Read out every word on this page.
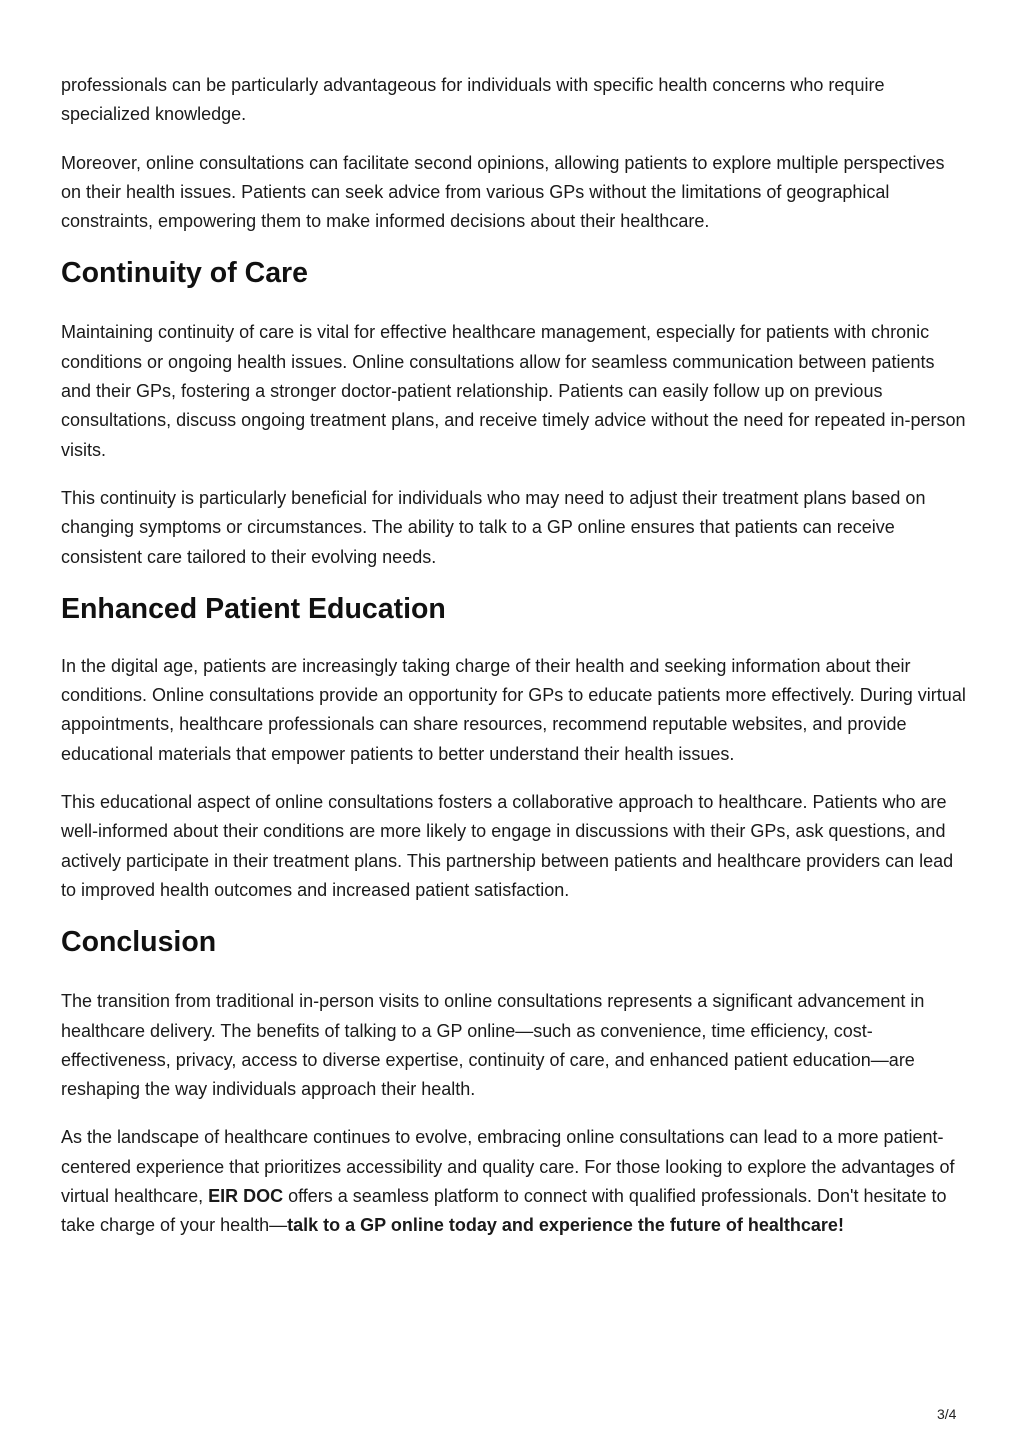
professionals can be particularly advantageous for individuals with specific health concerns who require specialized knowledge.

Moreover, online consultations can facilitate second opinions, allowing patients to explore multiple perspectives on their health issues. Patients can seek advice from various GPs without the limitations of geographical constraints, empowering them to make informed decisions about their healthcare.

Continuity of Care

Maintaining continuity of care is vital for effective healthcare management, especially for patients with chronic conditions or ongoing health issues. Online consultations allow for seamless communication between patients and their GPs, fostering a stronger doctor-patient relationship. Patients can easily follow up on previous consultations, discuss ongoing treatment plans, and receive timely advice without the need for repeated in-person visits.

This continuity is particularly beneficial for individuals who may need to adjust their treatment plans based on changing symptoms or circumstances. The ability to talk to a GP online ensures that patients can receive consistent care tailored to their evolving needs.

Enhanced Patient Education

In the digital age, patients are increasingly taking charge of their health and seeking information about their conditions. Online consultations provide an opportunity for GPs to educate patients more effectively. During virtual appointments, healthcare professionals can share resources, recommend reputable websites, and provide educational materials that empower patients to better understand their health issues.

This educational aspect of online consultations fosters a collaborative approach to healthcare. Patients who are well-informed about their conditions are more likely to engage in discussions with their GPs, ask questions, and actively participate in their treatment plans. This partnership between patients and healthcare providers can lead to improved health outcomes and increased patient satisfaction.

Conclusion

The transition from traditional in-person visits to online consultations represents a significant advancement in healthcare delivery. The benefits of talking to a GP online—such as convenience, time efficiency, cost-effectiveness, privacy, access to diverse expertise, continuity of care, and enhanced patient education—are reshaping the way individuals approach their health.

As the landscape of healthcare continues to evolve, embracing online consultations can lead to a more patient-centered experience that prioritizes accessibility and quality care. For those looking to explore the advantages of virtual healthcare, EIR DOC offers a seamless platform to connect with qualified professionals. Don't hesitate to take charge of your health—talk to a GP online today and experience the future of healthcare!

3/4
